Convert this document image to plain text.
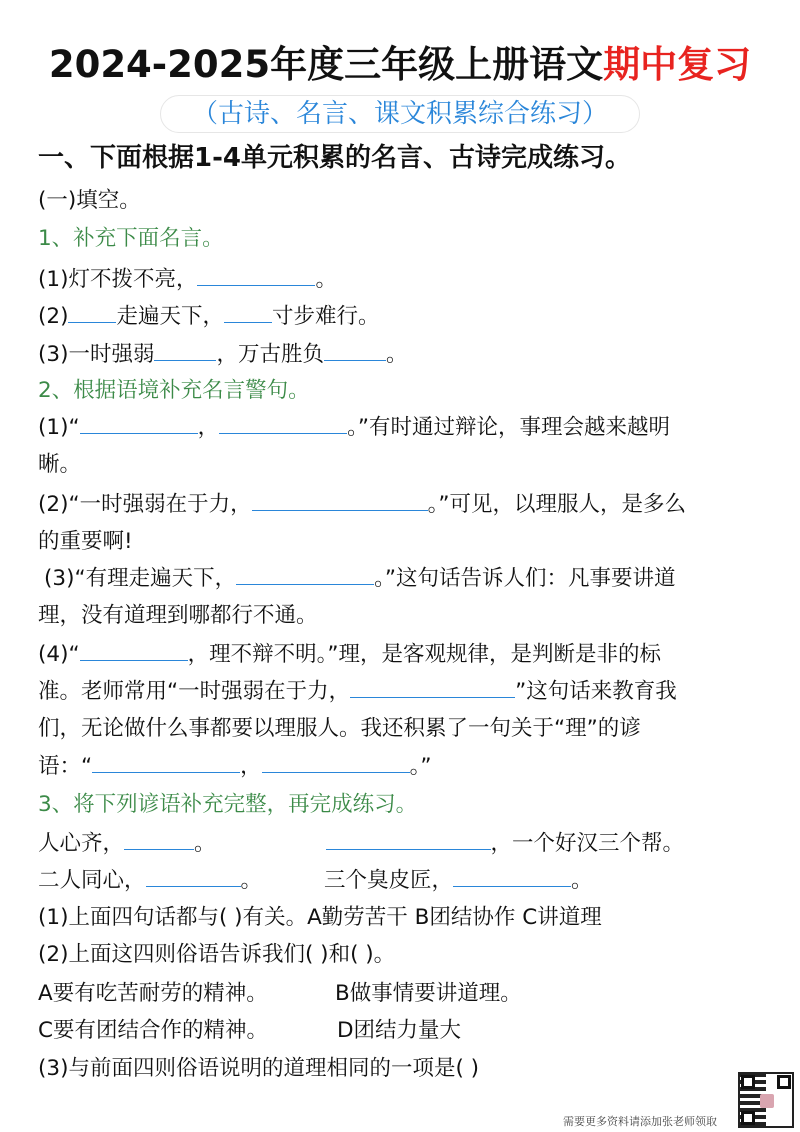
2024-2025年度三年级上册语文期中复习
（古诗、名言、课文积累综合练习）
一、下面根据1-4单元积累的名言、古诗完成练习。
(一)填空。
1、补充下面名言。
(1)灯不拨不亮，	。
(2) 走遍天下， 寸步难行。
(3)一时强弱	，万古胜负	。
2、根据语境补充名言警句。
(1)“	，	。”有时通过辩论，事理会越来越明
晰。
(2)“一时强弱在于力，	。”可见，以理服人，是多么
的重要啊!
(3)“有理走遍天下，	。”这句话告诉人们：凡事要讲道
理，没有道理到哪都行不通。
(4)“	，理不辩不明。”理，是客观规律，是判断是非的标
准。老师常用“一时强弱在于力，	”这句话来教育我
们，无论做什么事都要以理服人。我还积累了一句关于“理”的谚
语：“	，	。”
3、将下列谚语补充完整，再完成练习。
人心齐，	。	，一个好汉三个帮。
二人同心，	。	三个臭皮匠，	。
(1)上面四句话都与( )有关。A勤劳苦干 B团结协作 C讲道理
(2)上面这四则俗语告诉我们( )和( )。
A要有吃苦耐劳的精神。	B做事情要讲道理。
C要有团结合作的精神。	D团结力量大
(3)与前面四则俗语说明的道理相同的一项是( )
需要更多资料请添加张老师领取
